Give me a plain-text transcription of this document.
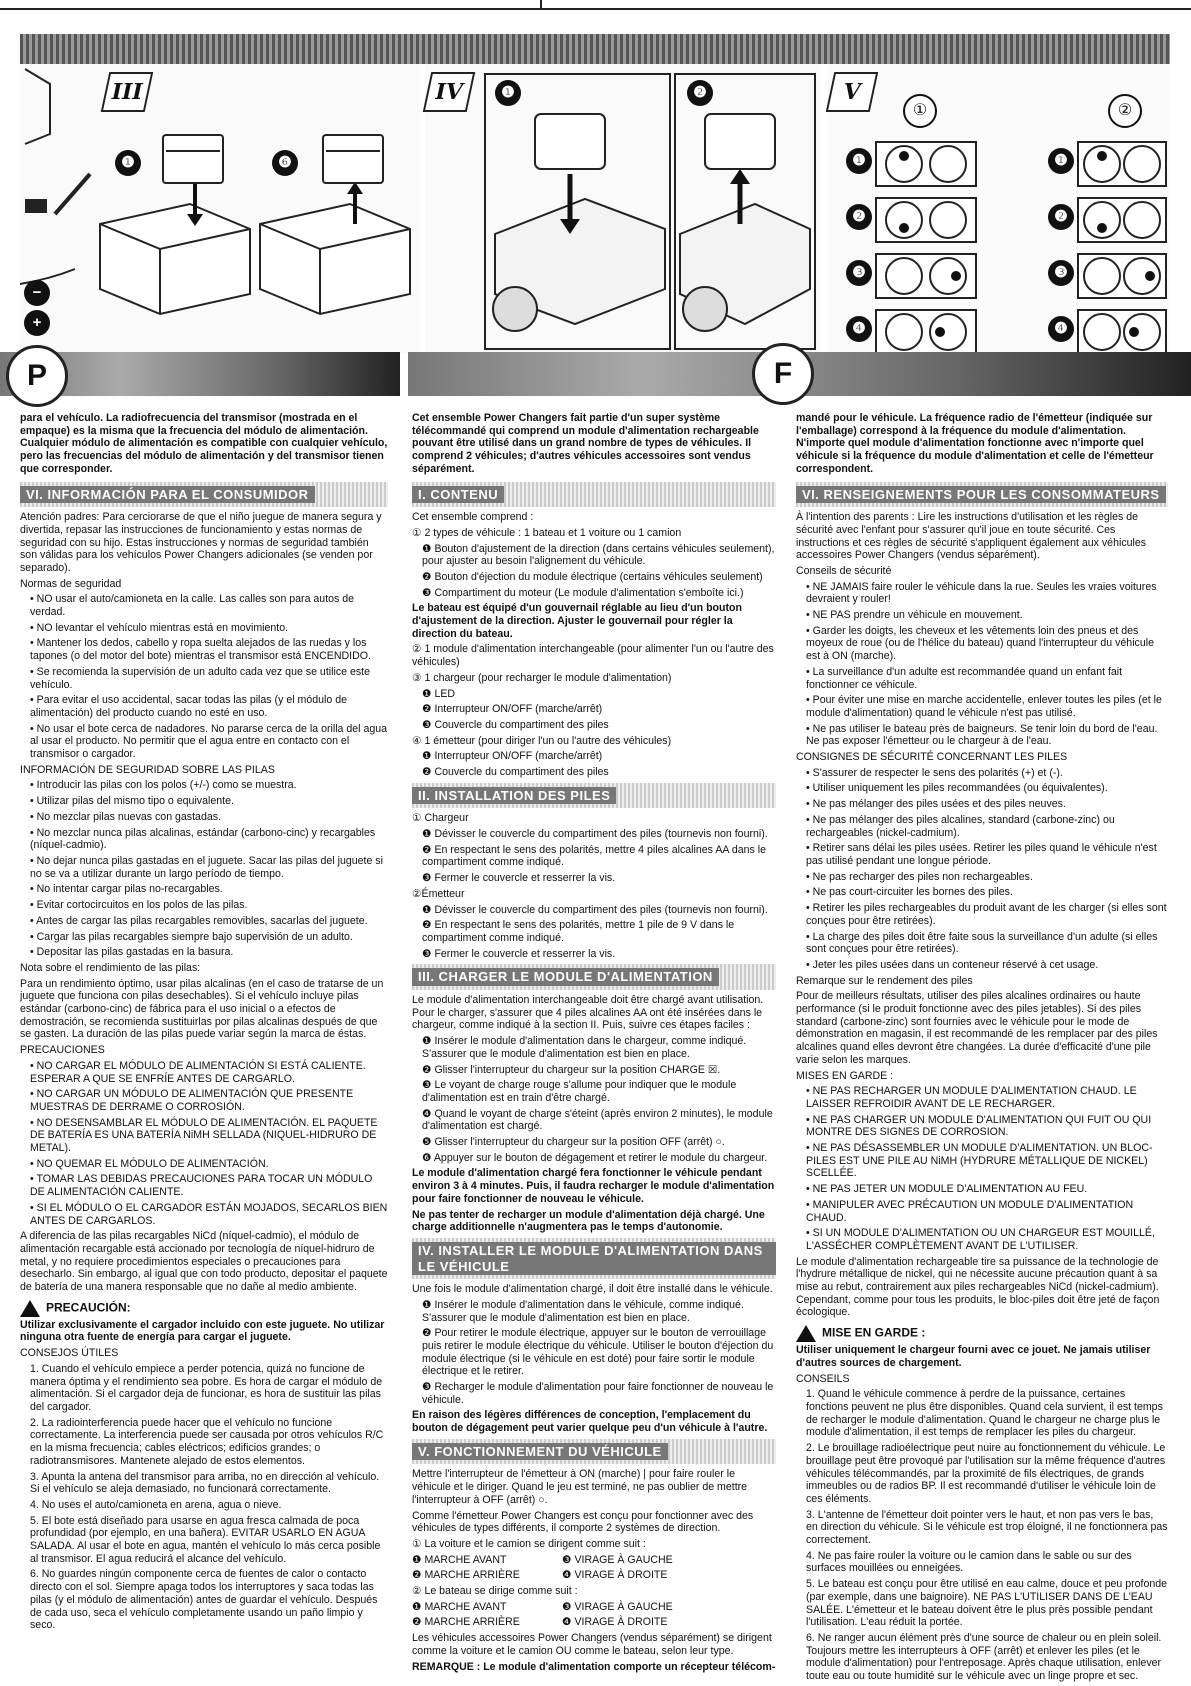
−
+
III
❶	❻
IV	❶	❷	V
①	②
❶
❷
❸
❹
❶
❷
❸
❹
P	F

para el vehículo. La radiofrecuencia del transmisor (mostrada en el empaque) es la misma que la frecuencia del módulo de alimentación. Cualquier módulo de alimentación es compatible con cualquier vehículo, pero las frecuencias del módulo de alimentación y del transmisor tienen que corresponder.

VI. INFORMACIÓN PARA EL CONSUMIDOR

Atención padres: Para cerciorarse de que el niño juegue de manera segura y divertida, repasar las instrucciones de funcionamiento y estas normas de seguridad con su hijo. Estas instrucciones y normas de seguridad también son válidas para los vehículos Power Changers adicionales (se venden por separado).

Normas de seguridad

• NO usar el auto/camioneta en la calle. Las calles son para autos de verdad.

• NO levantar el vehículo mientras está en movimiento.

• Mantener los dedos, cabello y ropa suelta alejados de las ruedas y los tapones (o del motor del bote) mientras el transmisor está ENCENDIDO.

• Se recomienda la supervisión de un adulto cada vez que se utilice este vehículo.

• Para evitar el uso accidental, sacar todas las pilas (y el módulo de alimentación) del producto cuando no esté en uso.

• No usar el bote cerca de nadadores. No pararse cerca de la orilla del agua al usar el producto. No permitir que el agua entre en contacto con el transmisor o cargador.

INFORMACIÓN DE SEGURIDAD SOBRE LAS PILAS

• Introducir las pilas con los polos (+/-) como se muestra.

• Utilizar pilas del mismo tipo o equivalente.

• No mezclar pilas nuevas con gastadas.

• No mezclar nunca pilas alcalinas, estándar (carbono-cinc) y recargables (níquel-cadmio).

• No dejar nunca pilas gastadas en el juguete. Sacar las pilas del juguete si no se va a utilizar durante un largo período de tiempo.

• No intentar cargar pilas no-recargables.

• Evitar cortocircuitos en los polos de las pilas.

• Antes de cargar las pilas recargables removibles, sacarlas del juguete.

• Cargar las pilas recargables siempre bajo supervisión de un adulto.

• Depositar las pilas gastadas en la basura.

Nota sobre el rendimiento de las pilas:

Para un rendimiento óptimo, usar pilas alcalinas (en el caso de tratarse de un juguete que funciona con pilas desechables). Si el vehículo incluye pilas estándar (carbono-cinc) de fábrica para el uso inicial o a efectos de demostración, se recomienda sustituirlas por pilas alcalinas después de que se gasten. La duración de las pilas puede variar según la marca de éstas.

PRECAUCIONES

• NO CARGAR EL MÓDULO DE ALIMENTACIÓN SI ESTÁ CALIENTE. ESPERAR A QUE SE ENFRÍE ANTES DE CARGARLO.

• NO CARGAR UN MÓDULO DE ALIMENTACIÓN QUE PRESENTE MUESTRAS DE DERRAME O CORROSIÓN.

• NO DESENSAMBLAR EL MÓDULO DE ALIMENTACIÓN. EL PAQUETE DE BATERÍA ES UNA BATERÍA NiMH SELLADA (NIQUEL-HIDRURO DE METAL).

• NO QUEMAR EL MÓDULO DE ALIMENTACIÓN.

• TOMAR LAS DEBIDAS PRECAUCIONES PARA TOCAR UN MÓDULO DE ALIMENTACIÓN CALIENTE.

• SI EL MÓDULO O EL CARGADOR ESTÁN MOJADOS, SECARLOS BIEN ANTES DE CARGARLOS.

A diferencia de las pilas recargables NiCd (níquel-cadmio), el módulo de alimentación recargable está accionado por tecnología de níquel-hidruro de metal, y no requiere procedimientos especiales o precauciones para desecharlo. Sin embargo, al igual que con todo producto, depositar el paquete de batería de una manera responsable que no dañe al medio ambiente.

PRECAUCIÓN:

Utilizar exclusivamente el cargador incluido con este juguete. No utilizar ninguna otra fuente de energía para cargar el juguete.

CONSEJOS ÚTILES

1. Cuando el vehículo empiece a perder potencia, quizá no funcione de manera óptima y el rendimiento sea pobre. Es hora de cargar el módulo de alimentación. Si el cargador deja de funcionar, es hora de sustituir las pilas del cargador.

2. La radiointerferencia puede hacer que el vehículo no funcione correctamente. La interferencia puede ser causada por otros vehículos R/C en la misma frecuencia; cables eléctricos; edificios grandes; o radiotransmisores. Mantenete alejado de estos elementos.

3. Apunta la antena del transmisor para arriba, no en dirección al vehículo. Si el vehículo se aleja demasiado, no funcionará correctamente.

4. No uses el auto/camioneta en arena, agua o nieve.

5. El bote está diseñado para usarse en agua fresca calmada de poca profundidad (por ejemplo, en una bañera). EVITAR USARLO EN AGUA SALADA. Al usar el bote en agua, mantén el vehículo lo más cerca posible al transmisor. El agua reducirá el alcance del vehículo.

6. No guardes ningún componente cerca de fuentes de calor o contacto directo con el sol. Siempre apaga todos los interruptores y saca todas las pilas (y el módulo de alimentación) antes de guardar el vehículo. Después de cada uso, seca el vehículo completamente usando un paño limpio y seco.

Cet ensemble Power Changers fait partie d'un super système télécommandé qui comprend un module d'alimentation rechargeable pouvant être utilisé dans un grand nombre de types de véhicules. Il comprend 2 véhicules; d'autres véhicules accessoires sont vendus séparément.

I. CONTENU

Cet ensemble comprend :

① 2 types de véhicule : 1 bateau et 1 voiture ou 1 camion

❶ Bouton d'ajustement de la direction (dans certains véhicules seulement), pour ajuster au besoin l'alignement du véhicule.

❷ Bouton d'éjection du module électrique (certains véhicules seulement)

❸ Compartiment du moteur (Le module d'alimentation s'emboîte ici.)

Le bateau est équipé d'un gouvernail réglable au lieu d'un bouton d'ajustement de la direction. Ajuster le gouvernail pour régler la direction du bateau.

② 1 module d'alimentation interchangeable (pour alimenter l'un ou l'autre des véhicules)

③ 1 chargeur (pour recharger le module d'alimentation)

❶ LED

❷ Interrupteur ON/OFF (marche/arrêt)

❸ Couvercle du compartiment des piles

④ 1 émetteur (pour diriger l'un ou l'autre des véhicules)

❶ Interrupteur ON/OFF (marche/arrêt)

❷ Couvercle du compartiment des piles

II. INSTALLATION DES PILES

① Chargeur

❶ Dévisser le couvercle du compartiment des piles (tournevis non fourni).

❷ En respectant le sens des polarités, mettre 4 piles alcalines AA dans le compartiment comme indiqué.

❸ Fermer le couvercle et resserrer la vis.

②Émetteur

❶ Dévisser le couvercle du compartiment des piles (tournevis non fourni).

❷ En respectant le sens des polarités, mettre 1 pile de 9 V dans le compartiment comme indiqué.

❸ Fermer le couvercle et resserrer la vis.

III. CHARGER LE MODULE D'ALIMENTATION

Le module d'alimentation interchangeable doit être chargé avant utilisation. Pour le charger, s'assurer que 4 piles alcalines AA ont été insérées dans le chargeur, comme indiqué à la section II. Puis, suivre ces étapes faciles :

❶ Insérer le module d'alimentation dans le chargeur, comme indiqué. S'assurer que le module d'alimentation est bien en place.

❷ Glisser l'interrupteur du chargeur sur la position CHARGE ☒.

❸ Le voyant de charge rouge s'allume pour indiquer que le module d'alimentation est en train d'être chargé.

❹ Quand le voyant de charge s'éteint (après environ 2 minutes), le module d'alimentation est chargé.

❺ Glisser l'interrupteur du chargeur sur la position OFF (arrêt) ○.

❻ Appuyer sur le bouton de dégagement et retirer le module du chargeur.

Le module d'alimentation chargé fera fonctionner le véhicule pendant environ 3 à 4 minutes. Puis, il faudra recharger le module d'alimentation pour faire fonctionner de nouveau le véhicule.

Ne pas tenter de recharger un module d'alimentation déjà chargé. Une charge additionnelle n'augmentera pas le temps d'autonomie.

IV. INSTALLER LE MODULE D'ALIMENTATION DANS LE VÉHICULE

Une fois le module d'alimentation chargé, il doit être installé dans le véhicule.

❶ Insérer le module d'alimentation dans le véhicule, comme indiqué. S'assurer que le module d'alimentation est bien en place.

❷ Pour retirer le module électrique, appuyer sur le bouton de verrouillage puis retirer le module électrique du véhicule. Utiliser le bouton d'éjection du module électrique (si le véhicule en est doté) pour faire sortir le module électrique et le retirer.

❸ Recharger le module d'alimentation pour faire fonctionner de nouveau le véhicule.

En raison des légères différences de conception, l'emplacement du bouton de dégagement peut varier quelque peu d'un véhicule à l'autre.

V. FONCTIONNEMENT DU VÉHICULE

Mettre l'interrupteur de l'émetteur à ON (marche) | pour faire rouler le véhicule et le diriger. Quand le jeu est terminé, ne pas oublier de mettre l'interrupteur à OFF (arrêt) ○.

Comme l'émetteur Power Changers est conçu pour fonctionner avec des véhicules de types différents, il comporte 2 systèmes de direction.

① La voiture et le camion se dirigent comme suit :

❶ MARCHE AVANT	❸ VIRAGE À GAUCHE

❷ MARCHE ARRIÈRE	❹ VIRAGE À DROITE

② Le bateau se dirige comme suit :

❶ MARCHE AVANT	❸ VIRAGE À GAUCHE

❷ MARCHE ARRIÈRE	❹ VIRAGE À DROITE

Les véhicules accessoires Power Changers (vendus séparément) se dirigent comme la voiture et le camion OU comme le bateau, selon leur type.

REMARQUE : Le module d'alimentation comporte un récepteur télécom-

mandé pour le véhicule. La fréquence radio de l'émetteur (indiquée sur l'emballage) correspond à la fréquence du module d'alimentation. N'importe quel module d'alimentation fonctionne avec n'importe quel véhicule si la fréquence du module d'alimentation et celle de l'émetteur correspondent.

VI. RENSEIGNEMENTS POUR LES CONSOMMATEURS

À l'intention des parents : Lire les instructions d'utilisation et les règles de sécurité avec l'enfant pour s'assurer qu'il joue en toute sécurité. Ces instructions et ces règles de sécurité s'appliquent également aux véhicules accessoires Power Changers (vendus séparément).

Conseils de sécurité

• NE JAMAIS faire rouler le véhicule dans la rue. Seules les vraies voitures devraient y rouler!

• NE PAS prendre un véhicule en mouvement.

• Garder les doigts, les cheveux et les vêtements loin des pneus et des moyeux de roue (ou de l'hélice du bateau) quand l'interrupteur du véhicule est à ON (marche).

• La surveillance d'un adulte est recommandée quand un enfant fait fonctionner ce véhicule.

• Pour éviter une mise en marche accidentelle, enlever toutes les piles (et le module d'alimentation) quand le véhicule n'est pas utilisé.

• Ne pas utiliser le bateau près de baigneurs. Se tenir loin du bord de l'eau. Ne pas exposer l'émetteur ou le chargeur à de l'eau.

CONSIGNES DE SÉCURITÉ CONCERNANT LES PILES

• S'assurer de respecter le sens des polarités (+) et (-).

• Utiliser uniquement les piles recommandées (ou équivalentes).

• Ne pas mélanger des piles usées et des piles neuves.

• Ne pas mélanger des piles alcalines, standard (carbone-zinc) ou rechargeables (nickel-cadmium).

• Retirer sans délai les piles usées. Retirer les piles quand le véhicule n'est pas utilisé pendant une longue période.

• Ne pas recharger des piles non rechargeables.

• Ne pas court-circuiter les bornes des piles.

• Retirer les piles rechargeables du produit avant de les charger (si elles sont conçues pour être retirées).

• La charge des piles doit être faite sous la surveillance d'un adulte (si elles sont conçues pour être retirées).

• Jeter les piles usées dans un conteneur réservé à cet usage.

Remarque sur le rendement des piles

Pour de meilleurs résultats, utiliser des piles alcalines ordinaires ou haute performance (si le produit fonctionne avec des piles jetables). Si des piles standard (carbone-zinc) sont fournies avec le véhicule pour le mode de démonstration en magasin, il est recommandé de les remplacer par des piles alcalines quand elles devront être changées. La durée d'efficacité d'une pile varie selon les marques.

MISES EN GARDE :

• NE PAS RECHARGER UN MODULE D'ALIMENTATION CHAUD. LE LAISSER REFROIDIR AVANT DE LE RECHARGER.

• NE PAS CHARGER UN MODULE D'ALIMENTATION QUI FUIT OU QUI MONTRE DES SIGNES DE CORROSION.

• NE PAS DÉSASSEMBLER UN MODULE D'ALIMENTATION. UN BLOC-PILES EST UNE PILE AU NiMH (HYDRURE MÉTALLIQUE DE NICKEL) SCELLÉE.

• NE PAS JETER UN MODULE D'ALIMENTATION AU FEU.

• MANIPULER AVEC PRÉCAUTION UN MODULE D'ALIMENTATION CHAUD.

• SI UN MODULE D'ALIMENTATION OU UN CHARGEUR EST MOUILLÉ, L'ASSÉCHER COMPLÈTEMENT AVANT DE L'UTILISER.

Le module d'alimentation rechargeable tire sa puissance de la technologie de l'hydrure métallique de nickel, qui ne nécessite aucune précaution quant à sa mise au rebut, contrairement aux piles rechargeables NiCd (nickel-cadmium). Cependant, comme pour tous les produits, le bloc-piles doit être jeté de façon écologique.

MISE EN GARDE :

Utiliser uniquement le chargeur fourni avec ce jouet. Ne jamais utiliser d'autres sources de chargement.

CONSEILS

1. Quand le véhicule commence à perdre de la puissance, certaines fonctions peuvent ne plus être disponibles. Quand cela survient, il est temps de recharger le module d'alimentation. Quand le chargeur ne charge plus le module d'alimentation, il est temps de remplacer les piles du chargeur.

2. Le brouillage radioélectrique peut nuire au fonctionnement du véhicule. Le brouillage peut être provoqué par l'utilisation sur la même fréquence d'autres véhicules télécommandés, par la proximité de fils électriques, de grands immeubles ou de radios BP. Il est recommandé d'utiliser le véhicule loin de ces éléments.

3. L'antenne de l'émetteur doit pointer vers le haut, et non pas vers le bas, en direction du véhicule. Si le véhicule est trop éloigné, il ne fonctionnera pas correctement.

4. Ne pas faire rouler la voiture ou le camion dans le sable ou sur des surfaces mouillées ou enneigées.

5. Le bateau est conçu pour être utilisé en eau calme, douce et peu profonde (par exemple, dans une baignoire). NE PAS L'UTILISER DANS DE L'EAU SALÉE. L'émetteur et le bateau doivent être le plus près possible pendant l'utilisation. L'eau réduit la portée.

6. Ne ranger aucun élément près d'une source de chaleur ou en plein soleil. Toujours mettre les interrupteurs à OFF (arrêt) et enlever les piles (et le module d'alimentation) pour l'entreposage. Après chaque utilisation, enlever toute eau ou toute humidité sur le véhicule avec un linge propre et sec.
